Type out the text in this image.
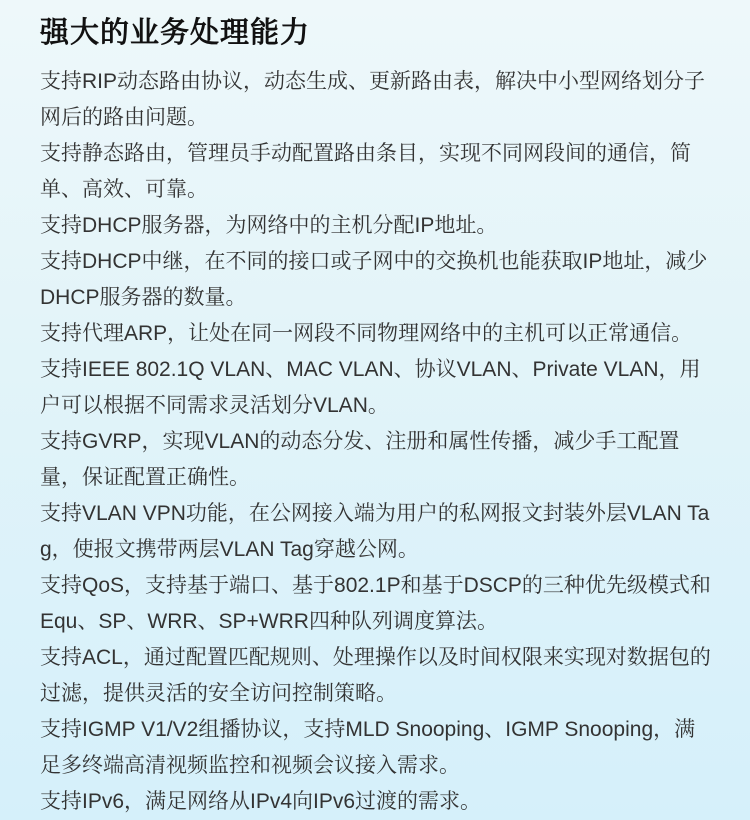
强大的业务处理能力

支持RIP动态路由协议，动态生成、更新路由表，解决中小型网络划分子网后的路由问题。

支持静态路由，管理员手动配置路由条目，实现不同网段间的通信，简单、高效、可靠。

支持DHCP服务器，为网络中的主机分配IP地址。

支持DHCP中继，在不同的接口或子网中的交换机也能获取IP地址，减少DHCP服务器的数量。

支持代理ARP，让处在同一网段不同物理网络中的主机可以正常通信。

支持IEEE 802.1Q VLAN、MAC VLAN、协议VLAN、Private VLAN，用户可以根据不同需求灵活划分VLAN。

支持GVRP，实现VLAN的动态分发、注册和属性传播，减少手工配置量，保证配置正确性。

支持VLAN VPN功能，在公网接入端为用户的私网报文封装外层VLAN Tag，使报文携带两层VLAN Tag穿越公网。

支持QoS，支持基于端口、基于802.1P和基于DSCP的三种优先级模式和Equ、SP、WRR、SP+WRR四种队列调度算法。

支持ACL，通过配置匹配规则、处理操作以及时间权限来实现对数据包的过滤，提供灵活的安全访问控制策略。

支持IGMP V1/V2组播协议，支持MLD Snooping、IGMP Snooping，满足多终端高清视频监控和视频会议接入需求。

支持IPv6，满足网络从IPv4向IPv6过渡的需求。
